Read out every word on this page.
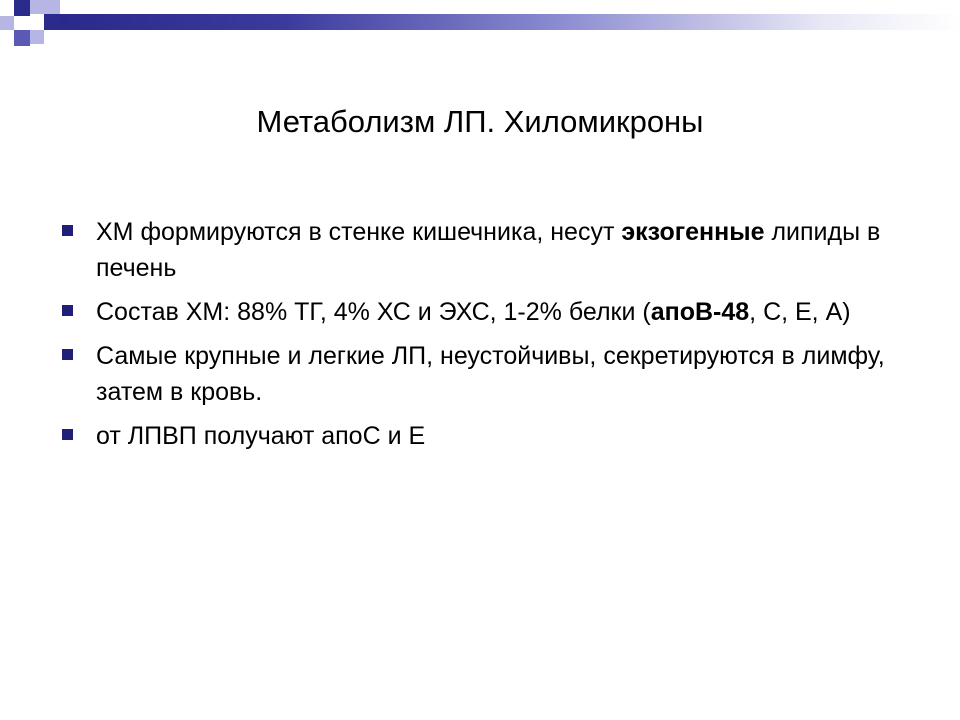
Метаболизм ЛП. Хиломикроны
ХМ формируются в стенке кишечника, несут экзогенные липиды в печень
Состав ХМ: 88% ТГ, 4% ХС и ЭХС, 1-2% белки (апоВ-48, С, Е, А)
Самые крупные и легкие ЛП, неустойчивы, секретируются в лимфу, затем в кровь.
от ЛПВП получают апоС и Е
